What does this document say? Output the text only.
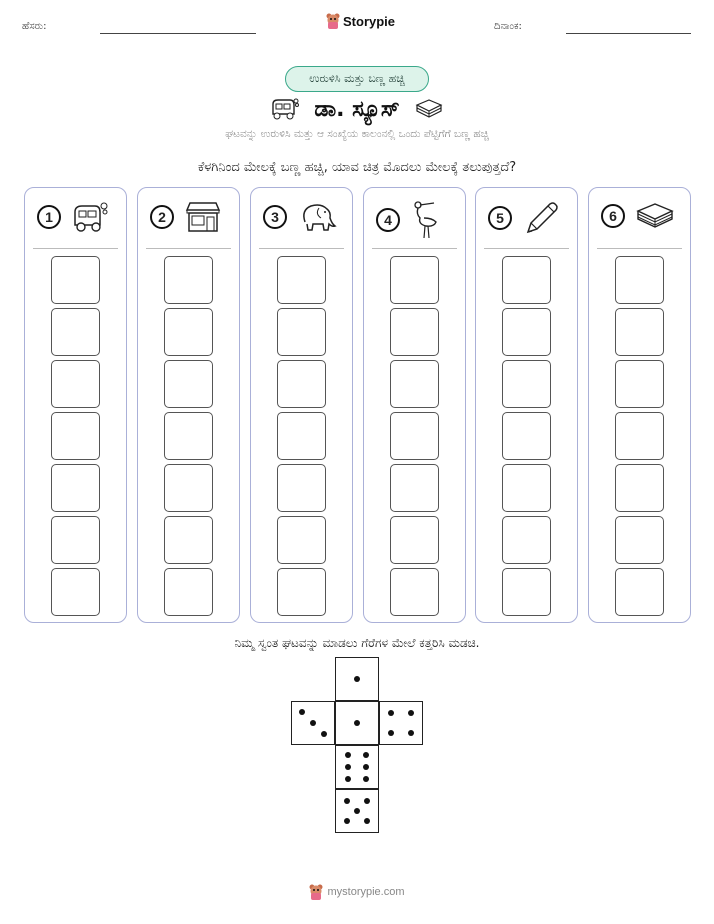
ಹೆಸರು:	Storypie	ದಿನಾಂಕ:
ಉರುಳಿಸಿ ಮತ್ತು ಬಣ್ಣ ಹಚ್ಚಿ
ಡಾ. ಸ್ಯೂಸ್
ಘಟವನ್ನು ಉರುಳಿಸಿ ಮತ್ತು ಆ ಸಂಖ್ಯೆಯ ಕಾಲಂನಲ್ಲಿ ಒಂದು ಪೆಟ್ಟಿಗೆಗೆ ಬಣ್ಣ ಹಚ್ಚಿ
ಕೆಳಗಿನಿಂದ ಮೇಲಕ್ಕೆ ಬಣ್ಣ ಹಚ್ಚಿ, ಯಾವ ಚಿತ್ರ ಮೊದಲು ಮೇಲಕ್ಕೆ ತಲುಪುತ್ತದೆ?
1	2	3	4	5	6
ನಿಮ್ಮ ಸ್ವಂತ ಘಟವನ್ನು ಮಾಡಲು ಗೆರೆಗಳ ಮೇಲೆ ಕತ್ತರಿಸಿ ಮಡಚಿ.
mystorypie.com
